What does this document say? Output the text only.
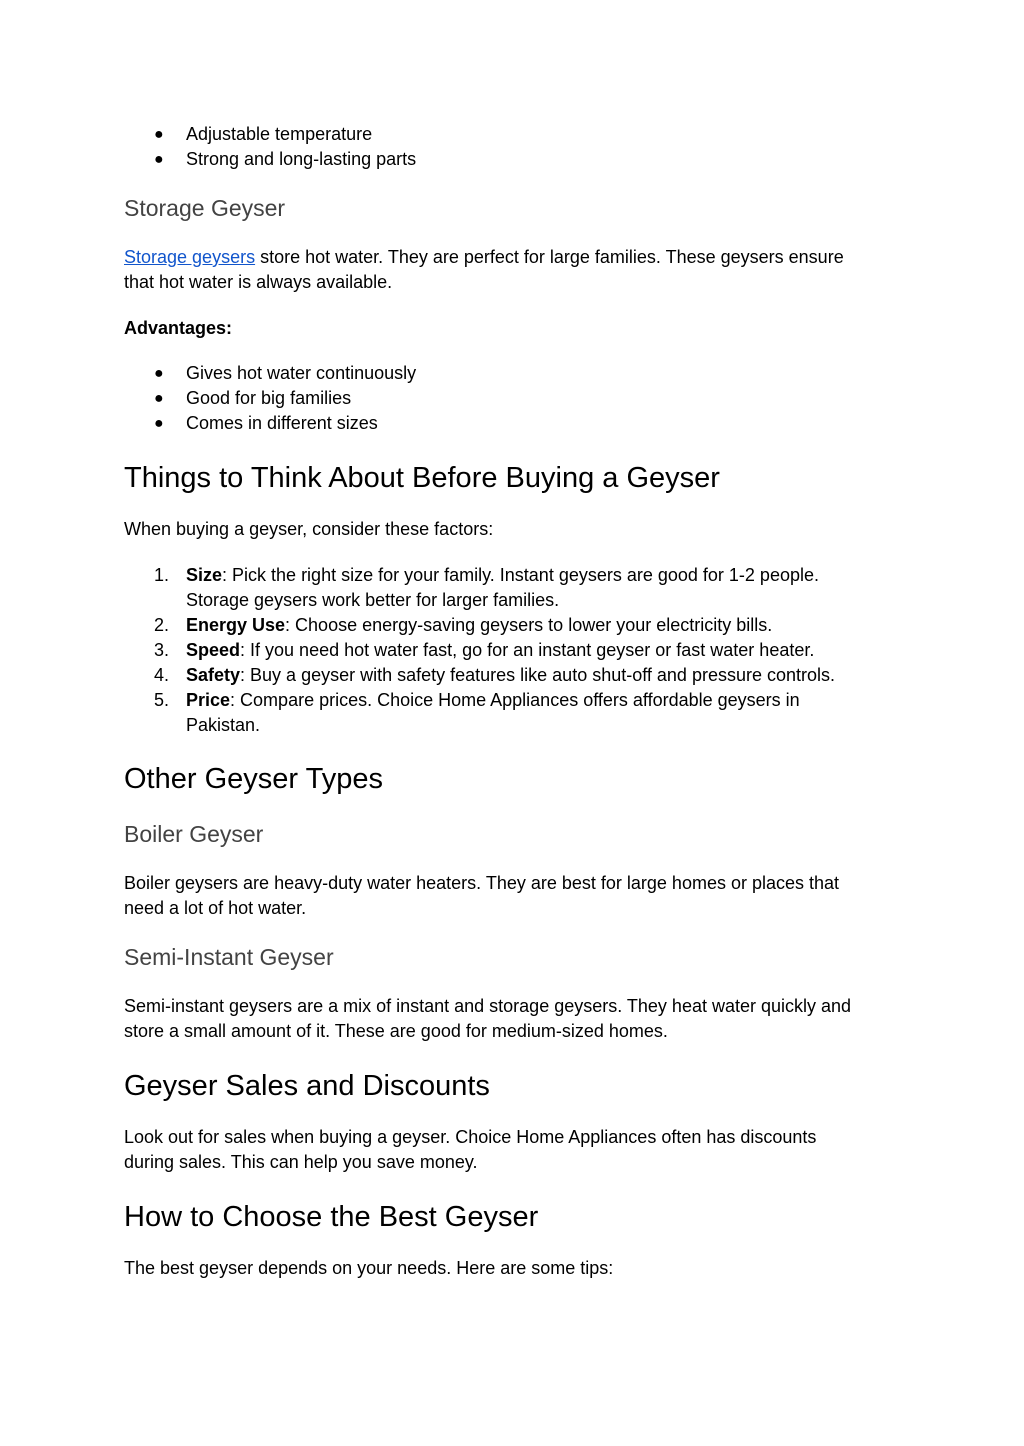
● Adjustable temperature
● Strong and long-lasting parts
Storage Geyser

Storage geysers store hot water. They are perfect for large families. These geysers ensure

that hot water is always available.

Advantages:

● Gives hot water continuously
● Good for big families
● Comes in different sizes
Things to Think About Before Buying a Geyser

When buying a geyser, consider these factors:

1. Size: Pick the right size for your family. Instant geysers are good for 1-2 people.
Storage geysers work better for larger families.
2. Energy Use: Choose energy-saving geysers to lower your electricity bills.
3. Speed: If you need hot water fast, go for an instant geyser or fast water heater.
4. Safety: Buy a geyser with safety features like auto shut-off and pressure controls.
5. Price: Compare prices. Choice Home Appliances offers affordable geysers in
Pakistan.
Other Geyser Types
Boiler Geyser

Boiler geysers are heavy-duty water heaters. They are best for large homes or places that

need a lot of hot water.

Semi-Instant Geyser

Semi-instant geysers are a mix of instant and storage geysers. They heat water quickly and

store a small amount of it. These are good for medium-sized homes.

Geyser Sales and Discounts

Look out for sales when buying a geyser. Choice Home Appliances often has discounts

during sales. This can help you save money.

How to Choose the Best Geyser

The best geyser depends on your needs. Here are some tips:
